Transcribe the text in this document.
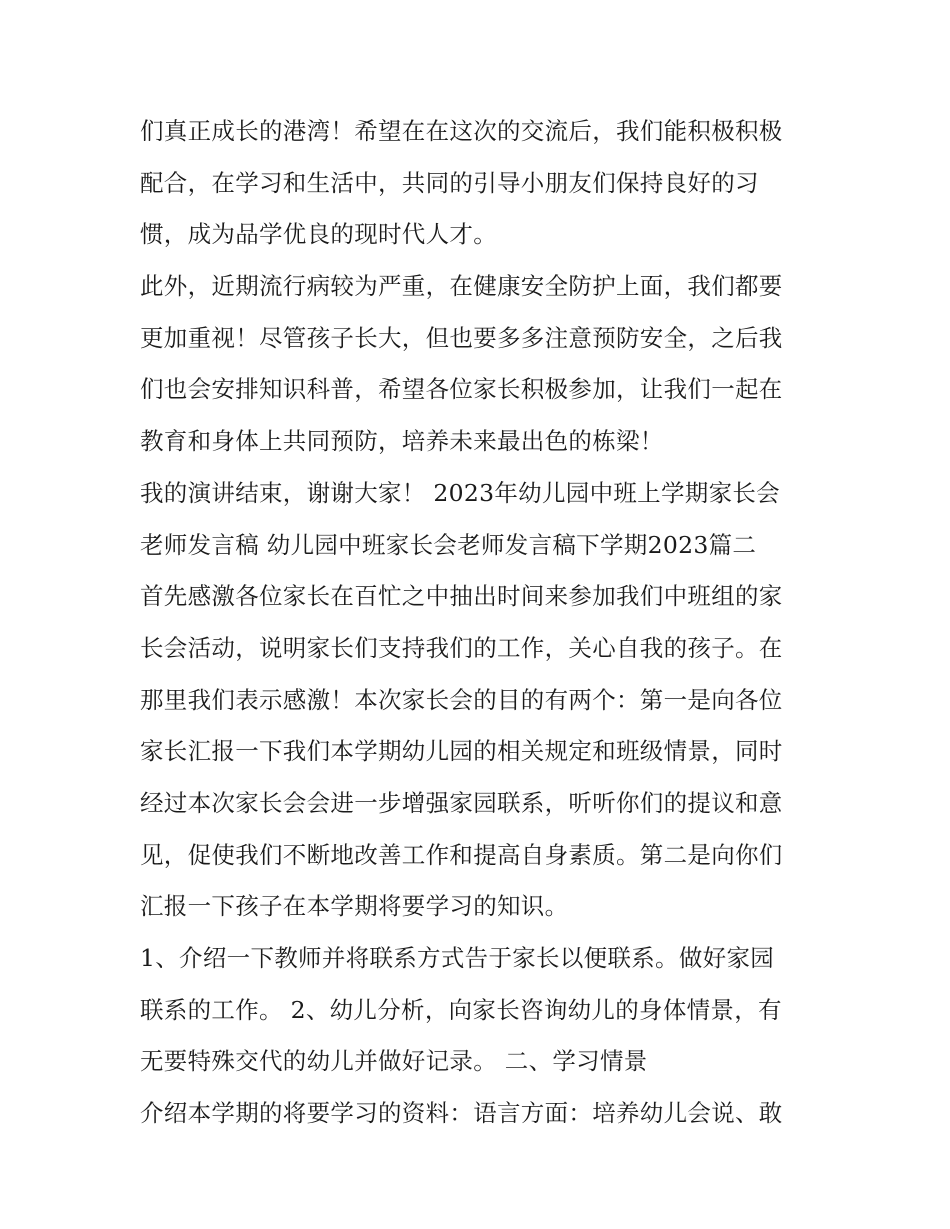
们真正成长的港湾！希望在在这次的交流后，我们能积极积极
配合，在学习和生活中，共同的引导小朋友们保持良好的习
惯，成为品学优良的现时代人才。
此外，近期流行病较为严重，在健康安全防护上面，我们都要
更加重视！尽管孩子长大，但也要多多注意预防安全，之后我
们也会安排知识科普，希望各位家长积极参加，让我们一起在
教育和身体上共同预防，培养未来最出色的栋梁！
我的演讲结束，谢谢大家！ 2023年幼儿园中班上学期家长会
老师发言稿 幼儿园中班家长会老师发言稿下学期2023篇二
首先感激各位家长在百忙之中抽出时间来参加我们中班组的家
长会活动，说明家长们支持我们的工作，关心自我的孩子。在
那里我们表示感激！本次家长会的目的有两个：第一是向各位
家长汇报一下我们本学期幼儿园的相关规定和班级情景，同时
经过本次家长会会进一步增强家园联系，听听你们的提议和意
见，促使我们不断地改善工作和提高自身素质。第二是向你们
汇报一下孩子在本学期将要学习的知识。
1、介绍一下教师并将联系方式告于家长以便联系。做好家园
联系的工作。 2、幼儿分析，向家长咨询幼儿的身体情景，有
无要特殊交代的幼儿并做好记录。 二、学习情景
介绍本学期的将要学习的资料：语言方面：培养幼儿会说、敢
